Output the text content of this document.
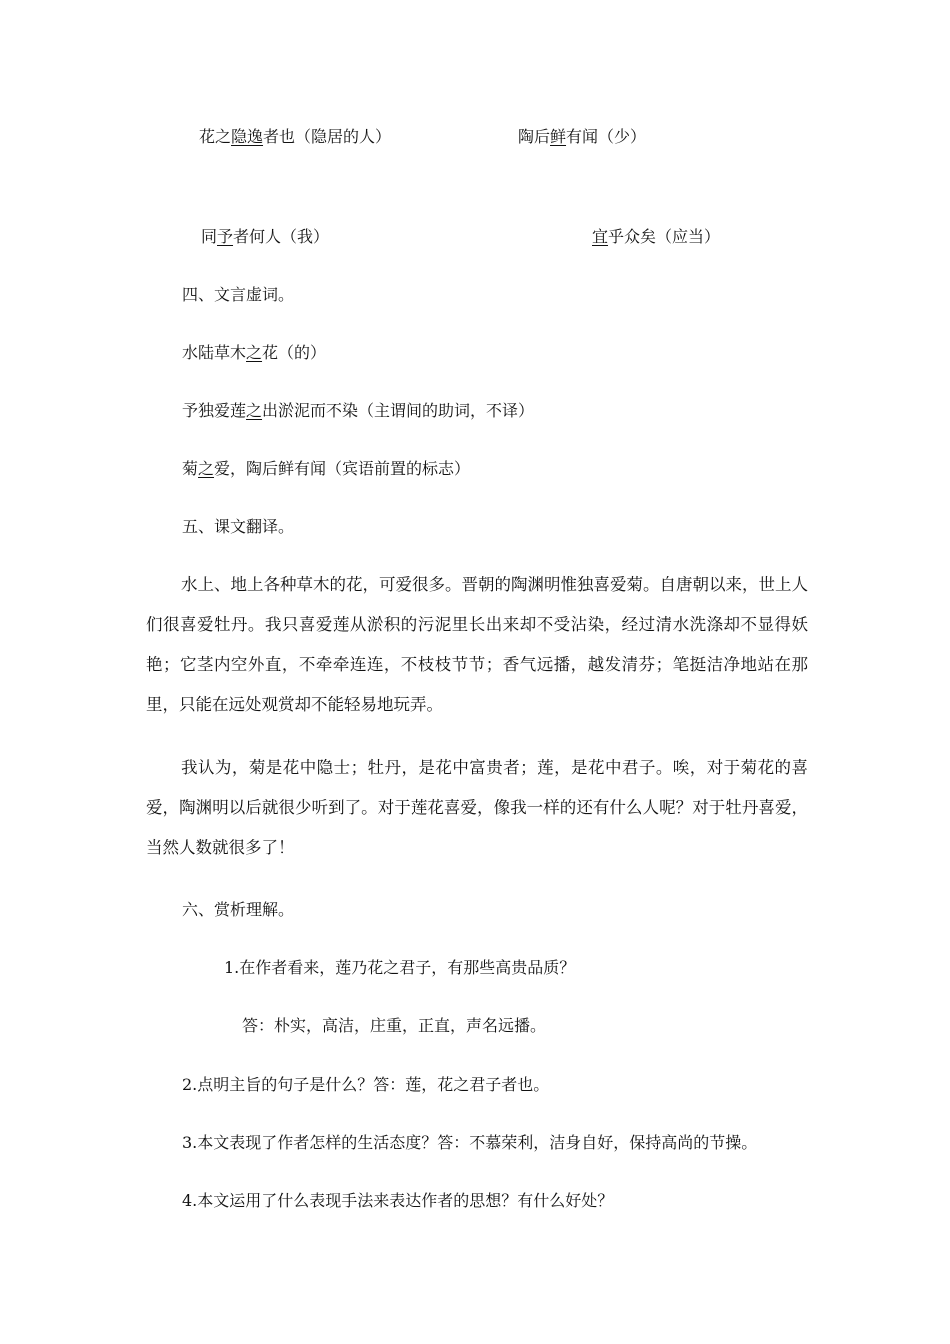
花之隐逸者也（隐居的人）	陶后鲜有闻（少）
同予者何人（我）	宜乎众矣（应当）
四、文言虚词。
水陆草木之花（的）
予独爱莲之出淤泥而不染（主谓间的助词，不译）
菊之爱，陶后鲜有闻（宾语前置的标志）
五、课文翻译。
水上、地上各种草木的花，可爱很多。晋朝的陶渊明惟独喜爱菊。自唐朝以来，世上人们很喜爱牡丹。我只喜爱莲从淤积的污泥里长出来却不受沾染，经过清水洗涤却不显得妖艳；它茎内空外直，不牵牵连连，不枝枝节节；香气远播，越发清芬；笔挺洁净地站在那里，只能在远处观赏却不能轻易地玩弄。
我认为，菊是花中隐士；牡丹，是花中富贵者；莲，是花中君子。唉，对于菊花的喜爱，陶渊明以后就很少听到了。对于莲花喜爱，像我一样的还有什么人呢？对于牡丹喜爱，当然人数就很多了！
六、赏析理解。
1.在作者看来，莲乃花之君子，有那些高贵品质？
答：朴实，高洁，庄重，正直，声名远播。
2.点明主旨的句子是什么？答：莲，花之君子者也。
3.本文表现了作者怎样的生活态度？答：不慕荣利，洁身自好，保持高尚的节操。
4.本文运用了什么表现手法来表达作者的思想？有什么好处？
